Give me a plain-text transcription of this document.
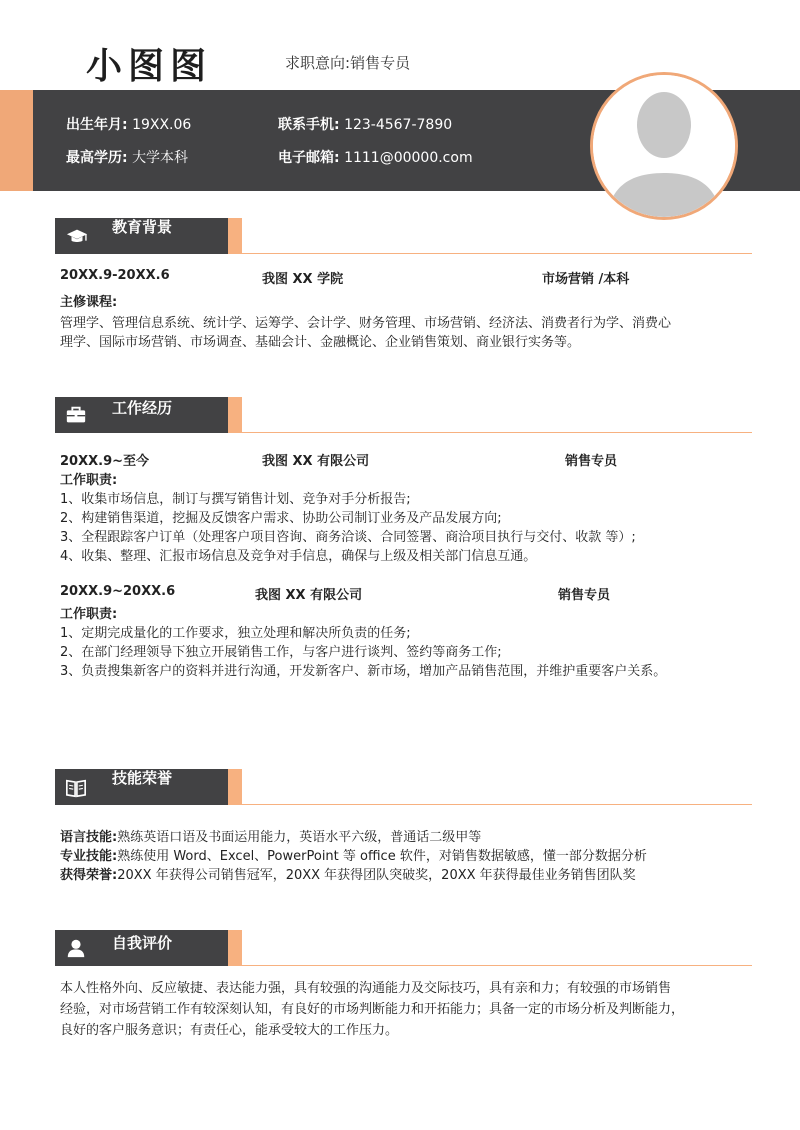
小图图	求职意向:销售专员
出生年月: 19XX.06	联系手机: 123-4567-7890
最高学历: 大学本科	电子邮箱: 1111@00000.com
教育背景
20XX.9-20XX.6	我图 XX 学院	市场营销 /本科
主修课程:
管理学、管理信息系统、统计学、运筹学、会计学、财务管理、市场营销、经济法、消费者行为学、消费心
理学、国际市场营销、市场调查、基础会计、金融概论、企业销售策划、商业银行实务等。
工作经历
20XX.9~至今	我图 XX 有限公司	销售专员
工作职责:
1、收集市场信息，制订与撰写销售计划、竞争对手分析报告;
2、构建销售渠道，挖掘及反馈客户需求、协助公司制订业务及产品发展方向;
3、全程跟踪客户订单（处理客户项目咨询、商务洽谈、合同签署、商洽项目执行与交付、收款 等）;
4、收集、整理、汇报市场信息及竞争对手信息，确保与上级及相关部门信息互通。
20XX.9~20XX.6	我图 XX 有限公司	销售专员
工作职责:
1、定期完成量化的工作要求，独立处理和解决所负责的任务;
2、在部门经理领导下独立开展销售工作，与客户进行谈判、签约等商务工作;
3、负责搜集新客户的资料并进行沟通，开发新客户、新市场，增加产品销售范围，并维护重要客户关系。
技能荣誉
语言技能:熟练英语口语及书面运用能力，英语水平六级，普通话二级甲等
专业技能:熟练使用 Word、Excel、PowerPoint 等 office 软件，对销售数据敏感，懂一部分数据分析
获得荣誉:20XX 年获得公司销售冠军，20XX 年获得团队突破奖，20XX 年获得最佳业务销售团队奖
自我评价
本人性格外向、反应敏捷、表达能力强，具有较强的沟通能力及交际技巧，具有亲和力；有较强的市场销售
经验，对市场营销工作有较深刻认知，有良好的市场判断能力和开拓能力；具备一定的市场分析及判断能力，
良好的客户服务意识；有责任心，能承受较大的工作压力。
